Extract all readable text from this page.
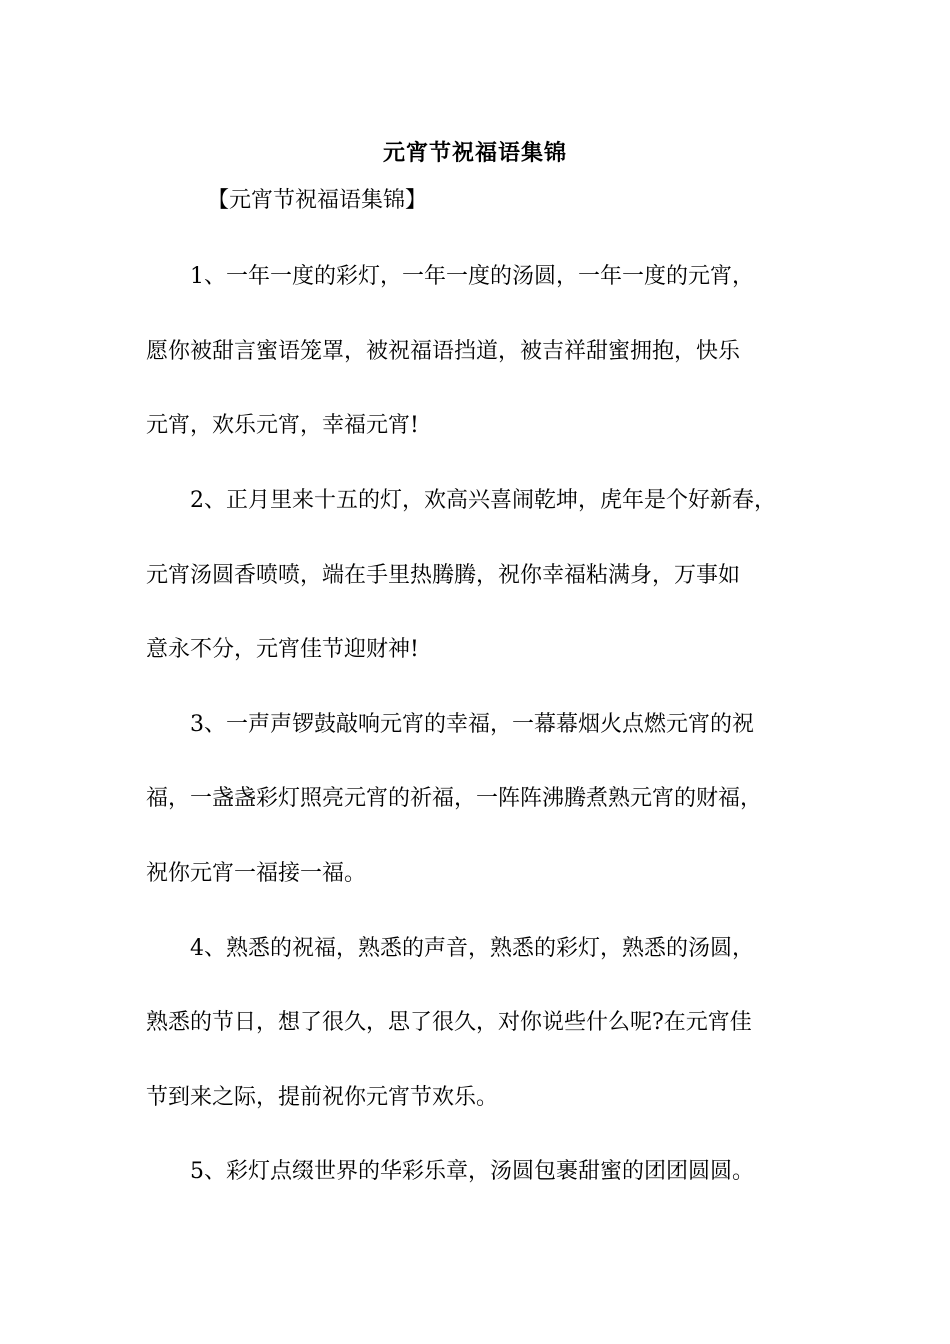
元宵节祝福语集锦
【元宵节祝福语集锦】
1、一年一度的彩灯，一年一度的汤圆，一年一度的元宵，
愿你被甜言蜜语笼罩，被祝福语挡道，被吉祥甜蜜拥抱，快乐
元宵，欢乐元宵，幸福元宵!
2、正月里来十五的灯，欢高兴喜闹乾坤，虎年是个好新春，
元宵汤圆香喷喷，端在手里热腾腾，祝你幸福粘满身，万事如
意永不分，元宵佳节迎财神!
3、一声声锣鼓敲响元宵的幸福，一幕幕烟火点燃元宵的祝
福，一盏盏彩灯照亮元宵的祈福，一阵阵沸腾煮熟元宵的财福，
祝你元宵一福接一福。
4、熟悉的祝福，熟悉的声音，熟悉的彩灯，熟悉的汤圆，
熟悉的节日，想了很久，思了很久，对你说些什么呢?在元宵佳
节到来之际，提前祝你元宵节欢乐。
5、彩灯点缀世界的华彩乐章，汤圆包裹甜蜜的团团圆圆。
